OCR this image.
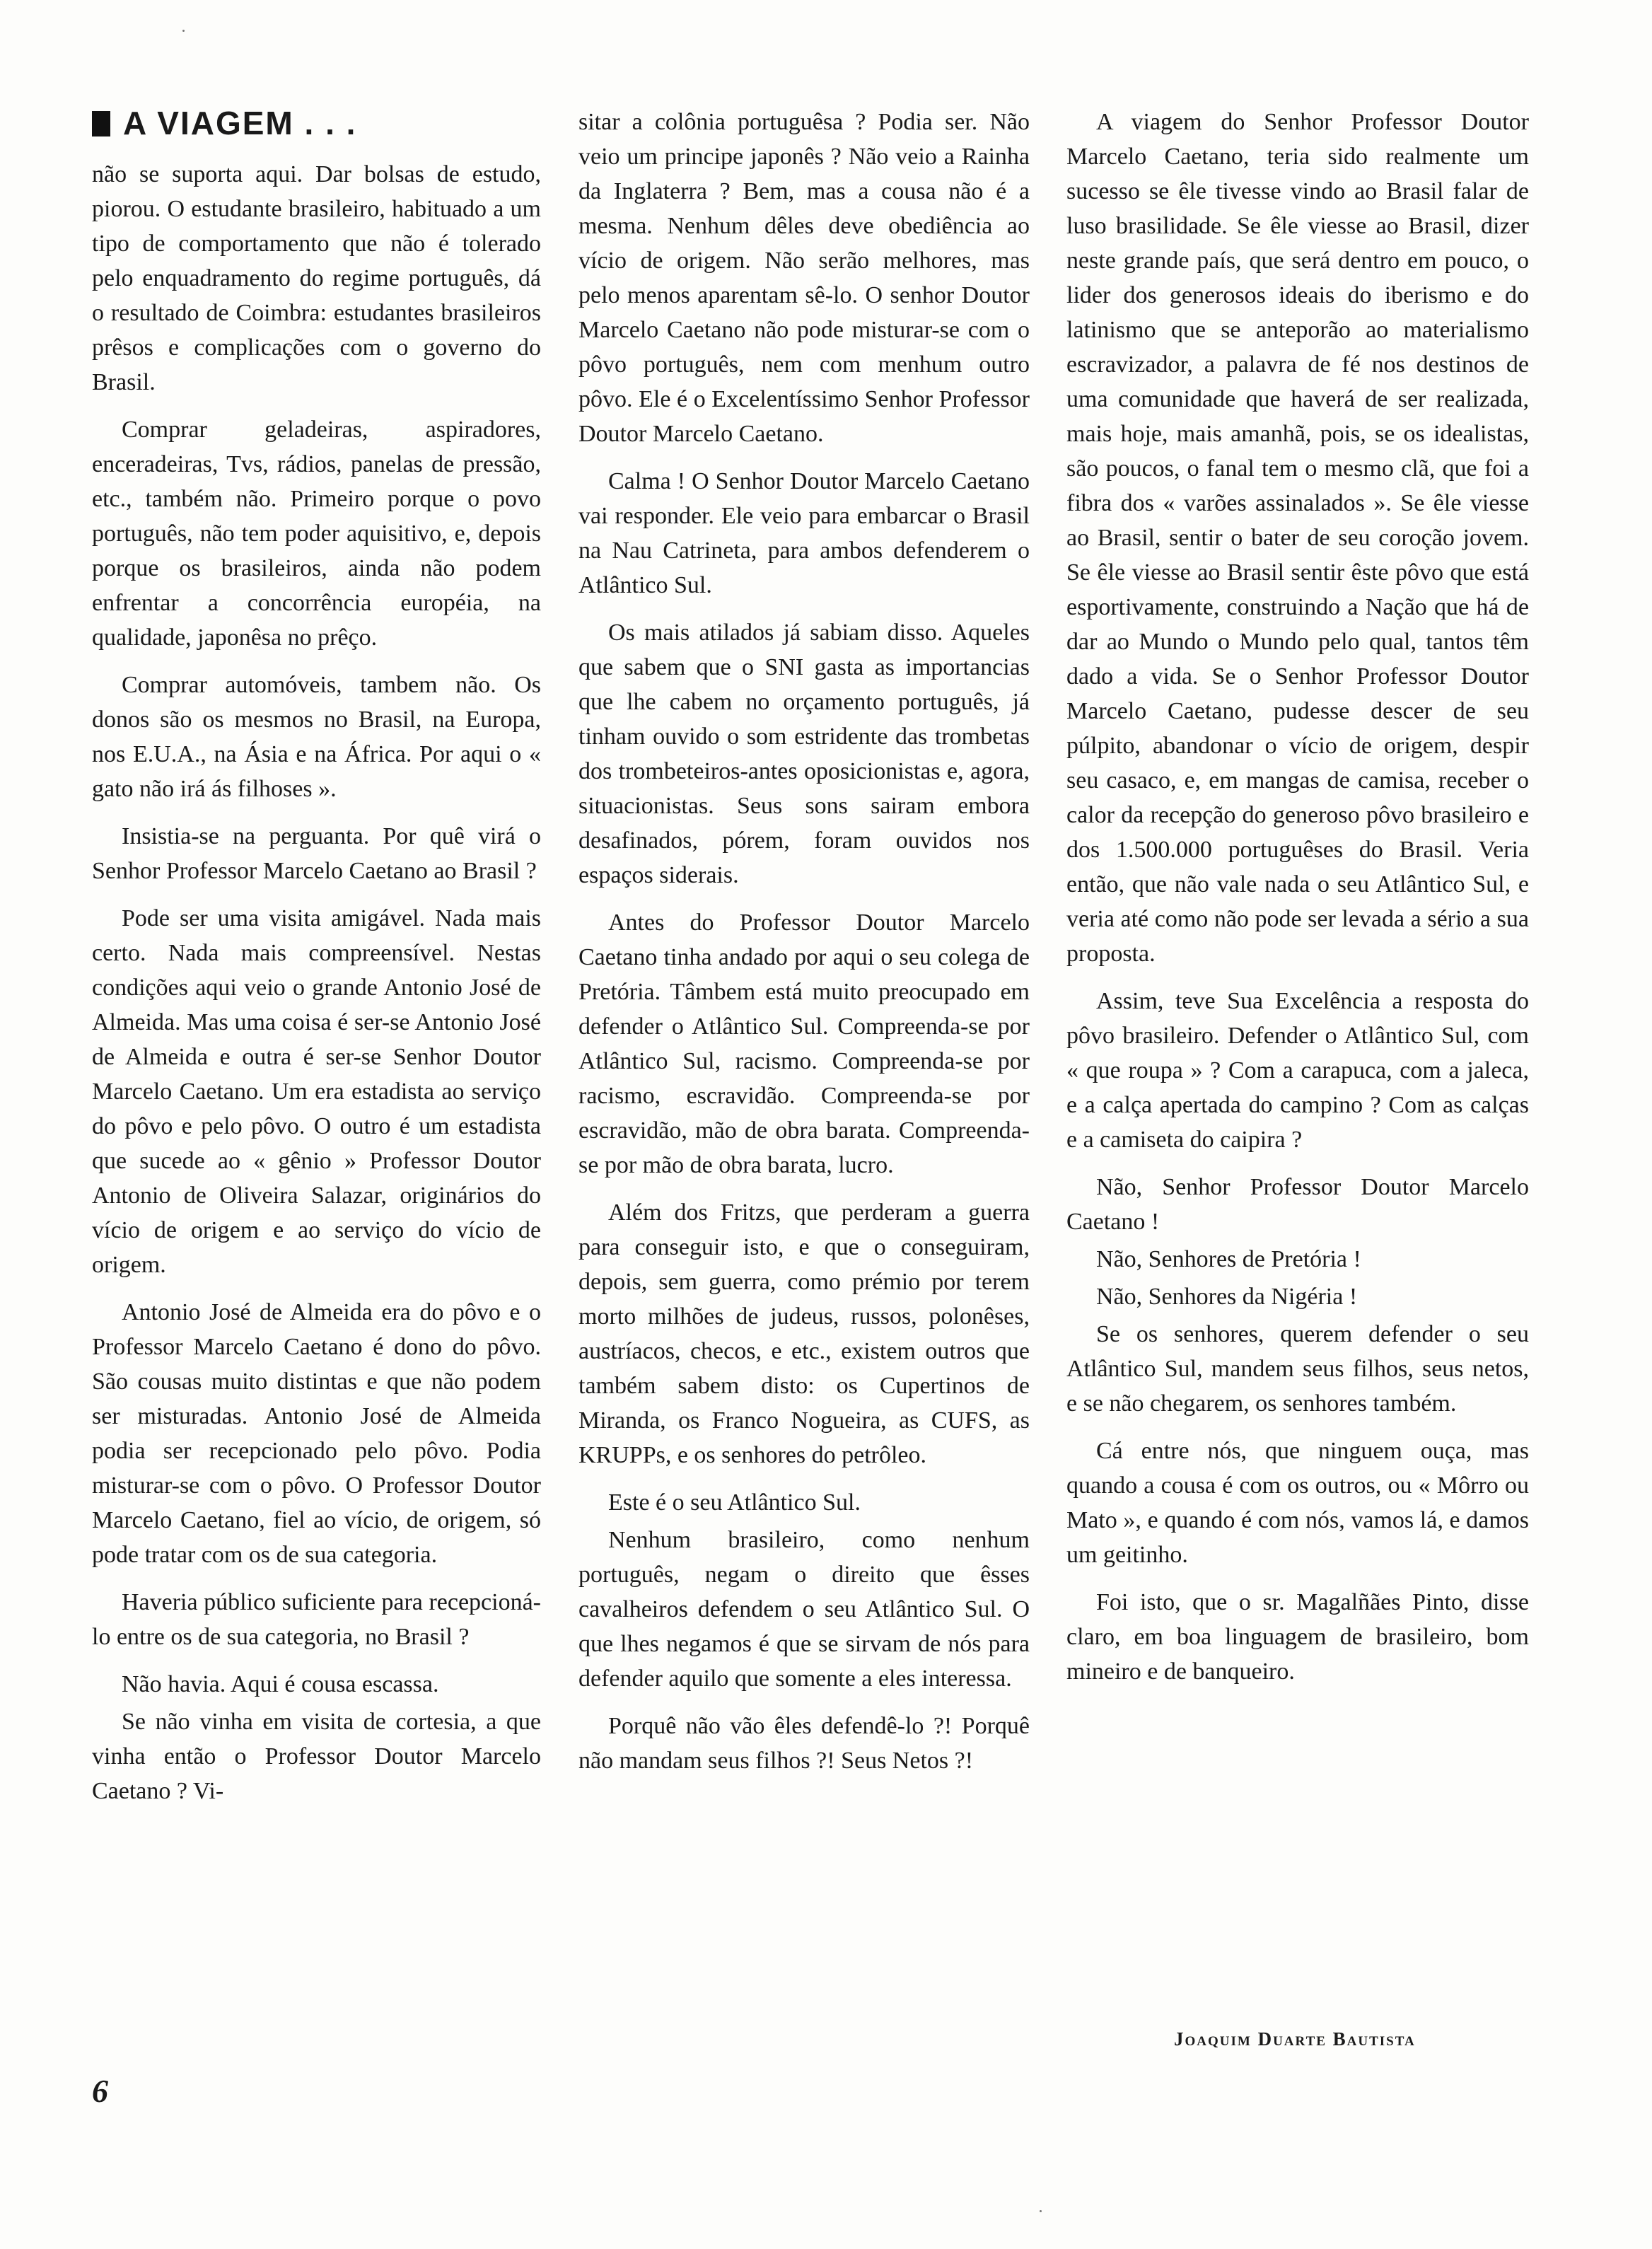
A VIAGEM . . .

não se suporta aqui. Dar bolsas de estudo, piorou. O estudante brasileiro, habituado a um tipo de comportamento que não é tolerado pelo enquadramento do regime português, dá o resultado de Coimbra: estudantes brasileiros prêsos e complicações com o governo do Brasil.

Comprar geladeiras, aspiradores, enceradeiras, Tvs, rádios, panelas de pressão, etc., também não. Primeiro porque o povo português, não tem poder aquisitivo, e, depois porque os brasileiros, ainda não podem enfrentar a concorrência européia, na qualidade, japonêsa no prêço.

Comprar automóveis, tambem não. Os donos são os mesmos no Brasil, na Europa, nos E.U.A., na Ásia e na África. Por aqui o « gato não irá ás filhoses ».

Insistia-se na perguanta. Por quê virá o Senhor Professor Marcelo Caetano ao Brasil ?

Pode ser uma visita amigável. Nada mais certo. Nada mais compreensível. Nestas condições aqui veio o grande Antonio José de Almeida. Mas uma coisa é ser-se Antonio José de Almeida e outra é ser-se Senhor Doutor Marcelo Caetano. Um era estadista ao serviço do pôvo e pelo pôvo. O outro é um estadista que sucede ao « gênio » Professor Doutor Antonio de Oliveira Salazar, originários do vício de origem e ao serviço do vício de origem.

Antonio José de Almeida era do pôvo e o Professor Marcelo Caetano é dono do pôvo. São cousas muito distintas e que não podem ser misturadas. Antonio José de Almeida podia ser recepcionado pelo pôvo. Podia misturar-se com o pôvo. O Professor Doutor Marcelo Caetano, fiel ao vício, de origem, só pode tratar com os de sua categoria.

Haveria público suficiente para recepcioná-lo entre os de sua categoria, no Brasil ?

Não havia. Aqui é cousa escassa.

Se não vinha em visita de cortesia, a que vinha então o Professor Doutor Marcelo Caetano ? Vi-

sitar a colônia portuguêsa ? Podia ser. Não veio um principe japonês ? Não veio a Rainha da Inglaterra ? Bem, mas a cousa não é a mesma. Nenhum dêles deve obediência ao vício de origem. Não serão melhores, mas pelo menos aparentam sê-lo. O senhor Doutor Marcelo Caetano não pode misturar-se com o pôvo português, nem com menhum outro pôvo. Ele é o Excelentíssimo Senhor Professor Doutor Marcelo Caetano.

Calma ! O Senhor Doutor Marcelo Caetano vai responder. Ele veio para embarcar o Brasil na Nau Catrineta, para ambos defenderem o Atlântico Sul.

Os mais atilados já sabiam disso. Aqueles que sabem que o SNI gasta as importancias que lhe cabem no orçamento português, já tinham ouvido o som estridente das trombetas dos trombeteiros-antes oposicionistas e, agora, situacionistas. Seus sons sairam embora desafinados, pórem, foram ouvidos nos espaços siderais.

Antes do Professor Doutor Marcelo Caetano tinha andado por aqui o seu colega de Pretória. Tâmbem está muito preocupado em defender o Atlântico Sul. Compreenda-se por Atlântico Sul, racismo. Compreenda-se por racismo, escravidão. Compreenda-se por escravidão, mão de obra barata. Compreenda-se por mão de obra barata, lucro.

Além dos Fritzs, que perderam a guerra para conseguir isto, e que o conseguiram, depois, sem guerra, como prémio por terem morto milhões de judeus, russos, polonêses, austríacos, checos, e etc., existem outros que também sabem disto: os Cupertinos de Miranda, os Franco Nogueira, as CUFS, as KRUPPs, e os senhores do petrôleo.

Este é o seu Atlântico Sul.

Nenhum brasileiro, como nenhum português, negam o direito que êsses cavalheiros defendem o seu Atlântico Sul. O que lhes negamos é que se sirvam de nós para defender aquilo que somente a eles interessa.

Porquê não vão êles defendê-lo ?! Porquê não mandam seus filhos ?! Seus Netos ?!

A viagem do Senhor Professor Doutor Marcelo Caetano, teria sido realmente um sucesso se êle tivesse vindo ao Brasil falar de luso brasilidade. Se êle viesse ao Brasil, dizer neste grande país, que será dentro em pouco, o lider dos generosos ideais do iberismo e do latinismo que se anteporão ao materialismo escravizador, a palavra de fé nos destinos de uma comunidade que haverá de ser realizada, mais hoje, mais amanhã, pois, se os idealistas, são poucos, o fanal tem o mesmo clã, que foi a fibra dos « varões assinalados ». Se êle viesse ao Brasil, sentir o bater de seu coroção jovem. Se êle viesse ao Brasil sentir êste pôvo que está esportivamente, construindo a Nação que há de dar ao Mundo o Mundo pelo qual, tantos têm dado a vida. Se o Senhor Professor Doutor Marcelo Caetano, pudesse descer de seu púlpito, abandonar o vício de origem, despir seu casaco, e, em mangas de camisa, receber o calor da recepção do generoso pôvo brasileiro e dos 1.500.000 portuguêses do Brasil. Veria então, que não vale nada o seu Atlântico Sul, e veria até como não pode ser levada a sério a sua proposta.

Assim, teve Sua Excelência a resposta do pôvo brasileiro. Defender o Atlântico Sul, com « que roupa » ? Com a carapuca, com a jaleca, e a calça apertada do campino ? Com as calças e a camiseta do caipira ?

Não, Senhor Professor Doutor Marcelo Caetano !

Não, Senhores de Pretória !

Não, Senhores da Nigéria !

Se os senhores, querem defender o seu Atlântico Sul, mandem seus filhos, seus netos, e se não chegarem, os senhores também.

Cá entre nós, que ninguem ouça, mas quando a cousa é com os outros, ou « Môrro ou Mato », e quando é com nós, vamos lá, e damos um geitinho.

Foi isto, que o sr. Magalñães Pinto, disse claro, em boa linguagem de brasileiro, bom mineiro e de banqueiro.

Joaquim Duarte Bautista
6
